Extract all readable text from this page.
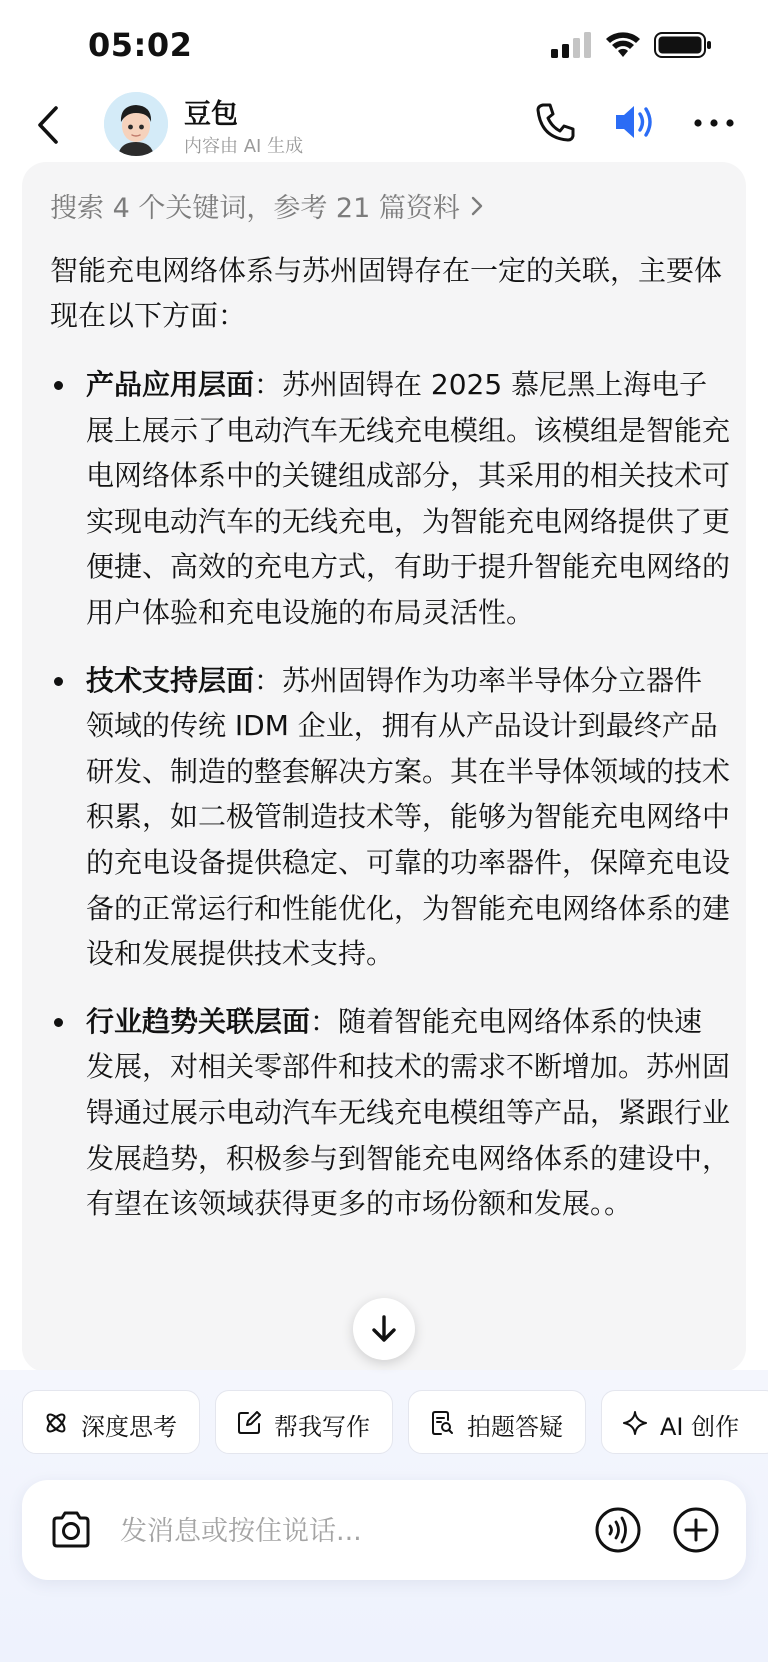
05:02
豆包
内容由 AI 生成
搜索 4 个关键词，参考 21 篇资料
智能充电网络体系与苏州固锝存在一定的关联，主要体现在以下方面：
产品应用层面：苏州固锝在 2025 慕尼黑上海电子展上展示了电动汽车无线充电模组。该模组是智能充电网络体系中的关键组成部分，其采用的相关技术可实现电动汽车的无线充电，为智能充电网络提供了更便捷、高效的充电方式，有助于提升智能充电网络的用户体验和充电设施的布局灵活性。
技术支持层面：苏州固锝作为功率半导体分立器件领域的传统 IDM 企业，拥有从产品设计到最终产品研发、制造的整套解决方案。其在半导体领域的技术积累，如二极管制造技术等，能够为智能充电网络中的充电设备提供稳定、可靠的功率器件，保障充电设备的正常运行和性能优化，为智能充电网络体系的建设和发展提供技术支持。
行业趋势关联层面：随着智能充电网络体系的快速发展，对相关零部件和技术的需求不断增加。苏州固锝通过展示电动汽车无线充电模组等产品，紧跟行业发展趋势，积极参与到智能充电网络体系的建设中，有望在该领域获得更多的市场份额和发展。。
深度思考	帮我写作	拍题答疑	AI 创作
发消息或按住说话...
